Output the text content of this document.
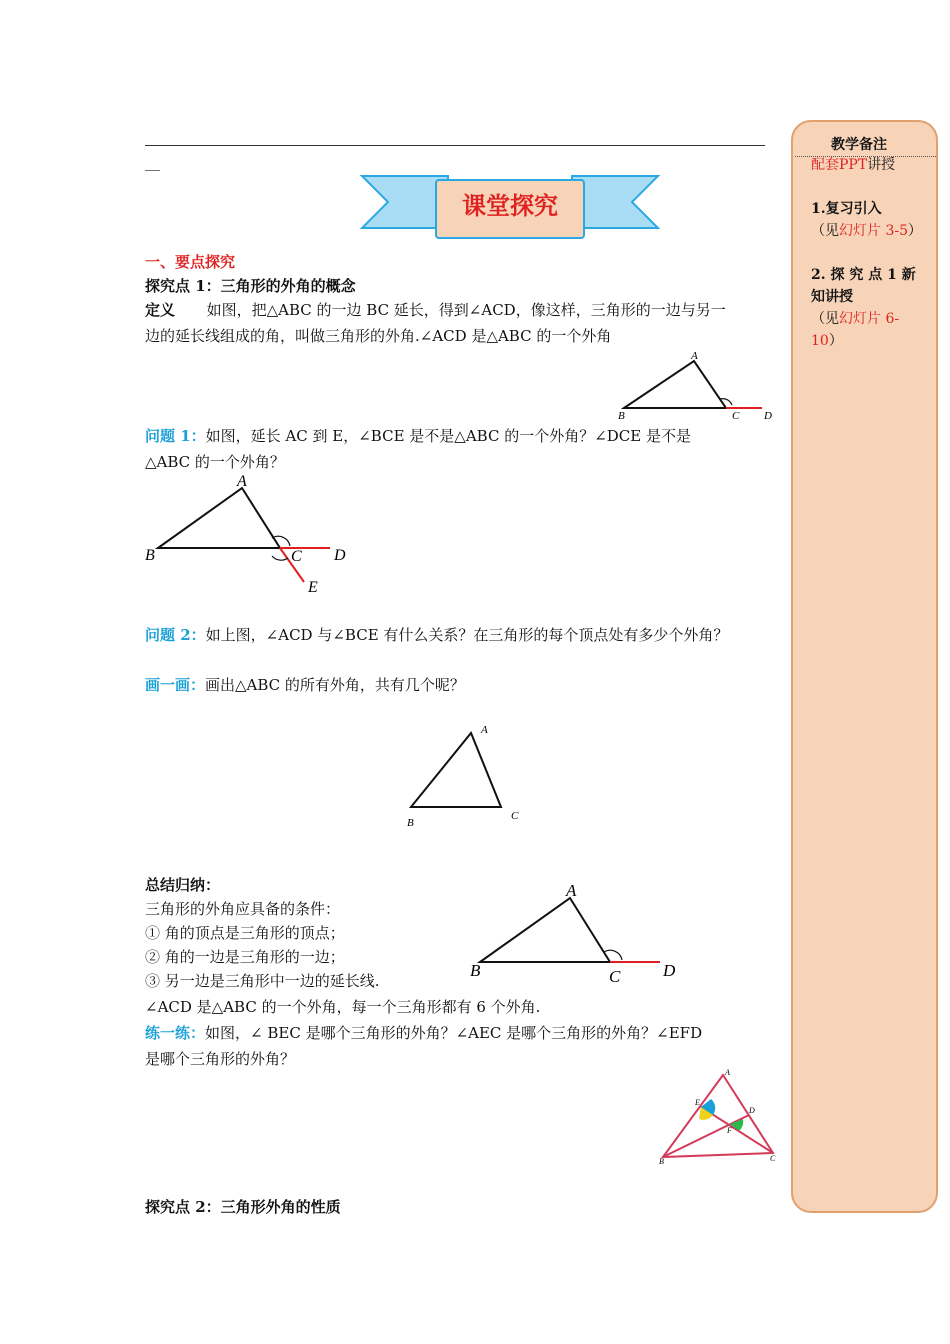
__
课堂探究
一、要点探究
探究点 1：三角形的外角的概念
定义 如图，把△ABC 的一边 BC 延长，得到∠ACD，像这样，三角形的一边与另一
边的延长线组成的角，叫做三角形的外角.∠ACD 是△ABC 的一个外角
A
B	C D
问题 1：如图，延长 AC 到 E，∠BCE 是不是△ABC 的一个外角？∠DCE 是不是
△ABC 的一个外角？
A
B	C D
E
问题 2：如上图，∠ACD 与∠BCE 有什么关系？在三角形的每个顶点处有多少个外角？
画一画：画出△ABC 的所有外角，共有几个呢？
A
B
C
总结归纳：
三角形的外角应具备的条件：
① 角的顶点是三角形的顶点；
② 角的一边是三角形的一边；
③ 另一边是三角形中一边的延长线.
∠ACD 是△ABC 的一个外角，每一个三角形都有 6 个外角.
A
B	C	D
练一练：如图，∠ BEC 是哪个三角形的外角？∠AEC 是哪个三角形的外角？∠EFD
是哪个三角形的外角？
A
B	C
D
E
F
探究点 2：三角形外角的性质
教学备注
配套PPT讲授
1.复习引入
（见幻灯片 3-5）
2. 探 究 点 1 新知讲授
（见幻灯片 6-10）
